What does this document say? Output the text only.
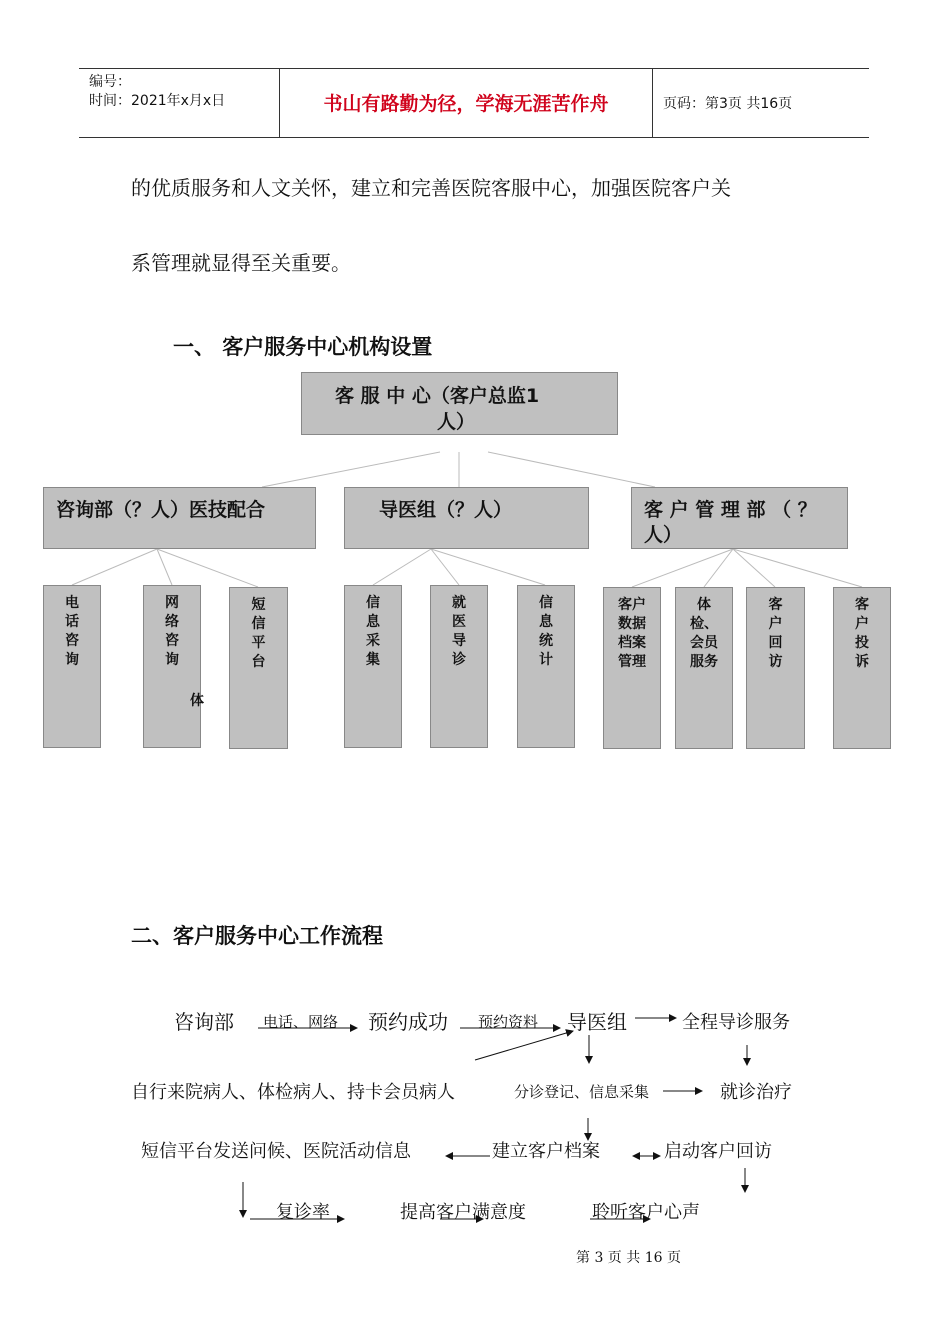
编号：
时间：2021年x月x日	书山有路勤为径，学海无涯苦作舟	页码：第3页 共16页
的优质服务和人文关怀，建立和完善医院客服中心，加强医院客户关
系管理就显得至关重要。
一、 客户服务中心机构设置
客 服 中 心（客户总监1
人）
咨询部（？人）医技配合	导医组（？人）	客 户 管 理 部 （ ？
人）
电话咨询
网络咨询
短信平台
信息采集
就医导诊
信息统计
客户数据档案管理
体检、会员服务
客户回访
客户投诉
体
二、客户服务中心工作流程
咨询部 电话、网络 预约成功 预约资料 导医组	全程导诊服务
自行来院病人、体检病人、持卡会员病人	分诊登记、信息采集	就诊治疗
短信平台发送问候、医院活动信息	建立客户档案	启动客户回访
复诊率	提高客户满意度	聆听客户心声
第 3 页 共 16 页
